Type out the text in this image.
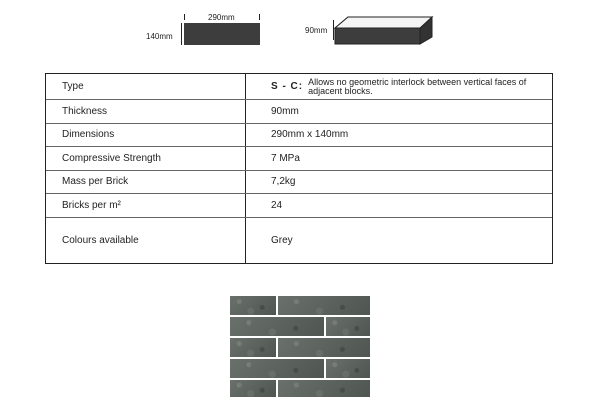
290mm
140mm
90mm
Type	S - C: Allows no geometric interlock between vertical faces of adjacent blocks.
Thickness	90mm
Dimensions	290mm x 140mm
Compressive Strength	7 MPa
Mass per Brick	7,2kg
Bricks per m²	24
Colours available	Grey
